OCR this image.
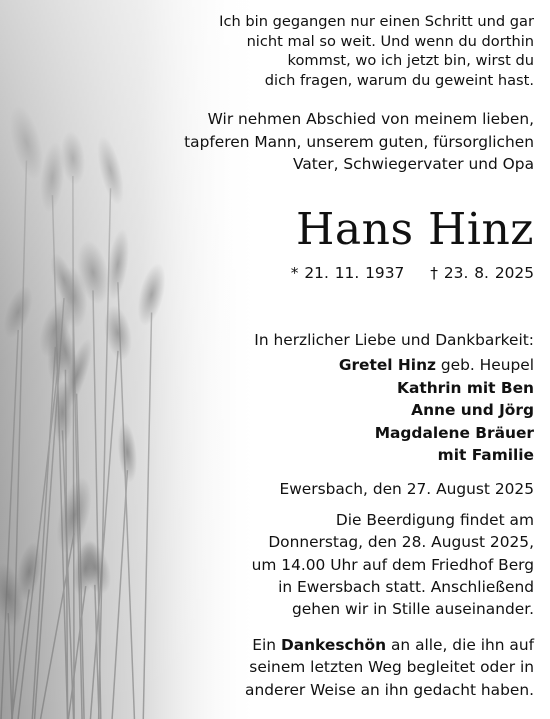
Ich bin gegangen nur einen Schritt und gar
nicht mal so weit. Und wenn du dorthin
kommst, wo ich jetzt bin, wirst du
dich fragen, warum du geweint hast.
Wir nehmen Abschied von meinem lieben,
tapferen Mann, unserem guten, fürsorglichen
Vater, Schwiegervater und Opa
Hans Hinz
* 21. 11. 1937 † 23. 8. 2025
In herzlicher Liebe und Dankbarkeit:
Gretel Hinz geb. Heupel
Kathrin mit Ben
Anne und Jörg
Magdalene Bräuer
mit Familie
Ewersbach, den 27. August 2025
Die Beerdigung findet am
Donnerstag, den 28. August 2025,
um 14.00 Uhr auf dem Friedhof Berg
in Ewersbach statt. Anschließend
gehen wir in Stille auseinander.
Ein Dankeschön an alle, die ihn auf
seinem letzten Weg begleitet oder in
anderer Weise an ihn gedacht haben.
